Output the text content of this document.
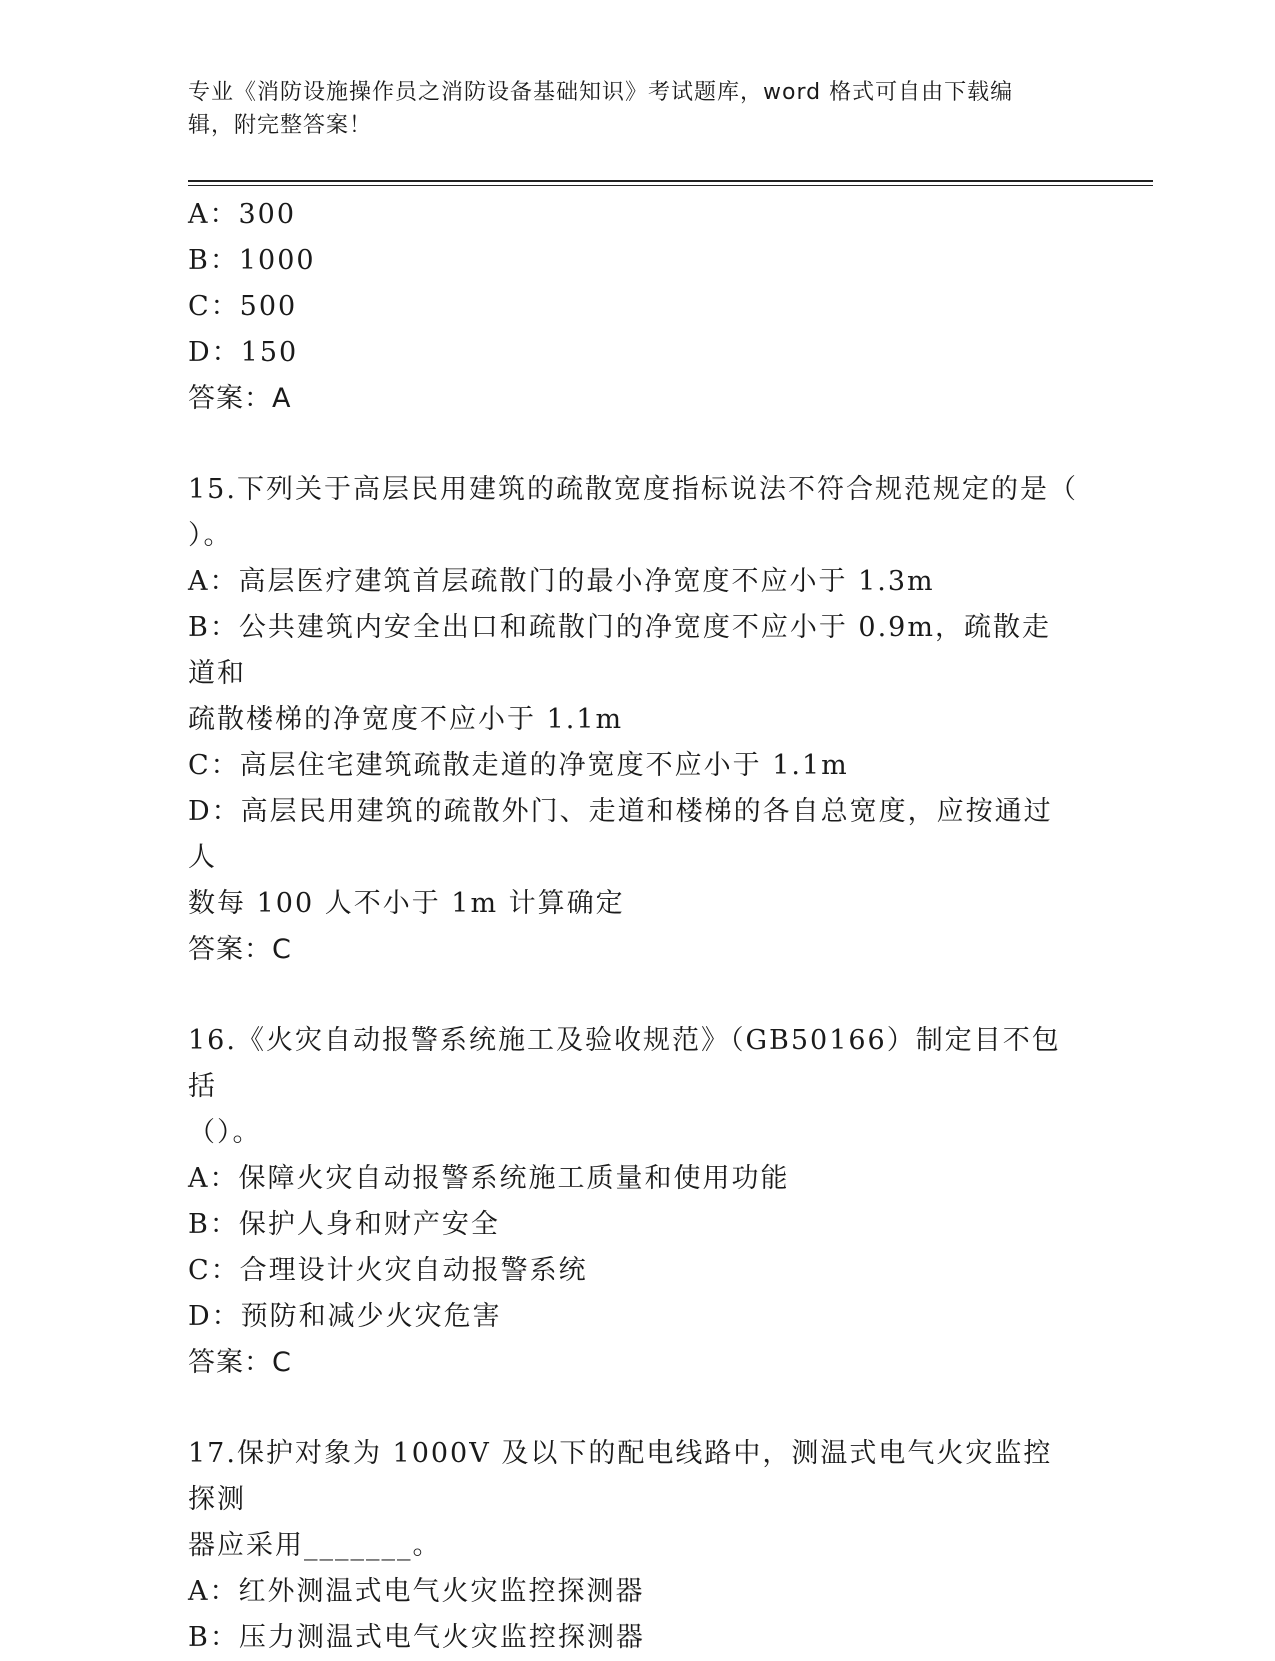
专业《消防设施操作员之消防设备基础知识》考试题库，word 格式可自由下载编
辑，附完整答案！
A：300
B：1000
C：500
D：150
答案：A
15.下列关于高层民用建筑的疏散宽度指标说法不符合规范规定的是（
）。
A：高层医疗建筑首层疏散门的最小净宽度不应小于 1.3m
B：公共建筑内安全出口和疏散门的净宽度不应小于 0.9m，疏散走道和
疏散楼梯的净宽度不应小于 1.1m
C：高层住宅建筑疏散走道的净宽度不应小于 1.1m
D：高层民用建筑的疏散外门、走道和楼梯的各自总宽度，应按通过人
数每 100 人不小于 1m 计算确定
答案：C
16.《火灾自动报警系统施工及验收规范》（GB50166）制定目不包括
（）。
A：保障火灾自动报警系统施工质量和使用功能
B：保护人身和财产安全
C：合理设计火灾自动报警系统
D：预防和减少火灾危害
答案：C
17.保护对象为 1000V 及以下的配电线路中，测温式电气火灾监控探测
器应采用_______。
A：红外测温式电气火灾监控探测器
B：压力测温式电气火灾监控探测器
